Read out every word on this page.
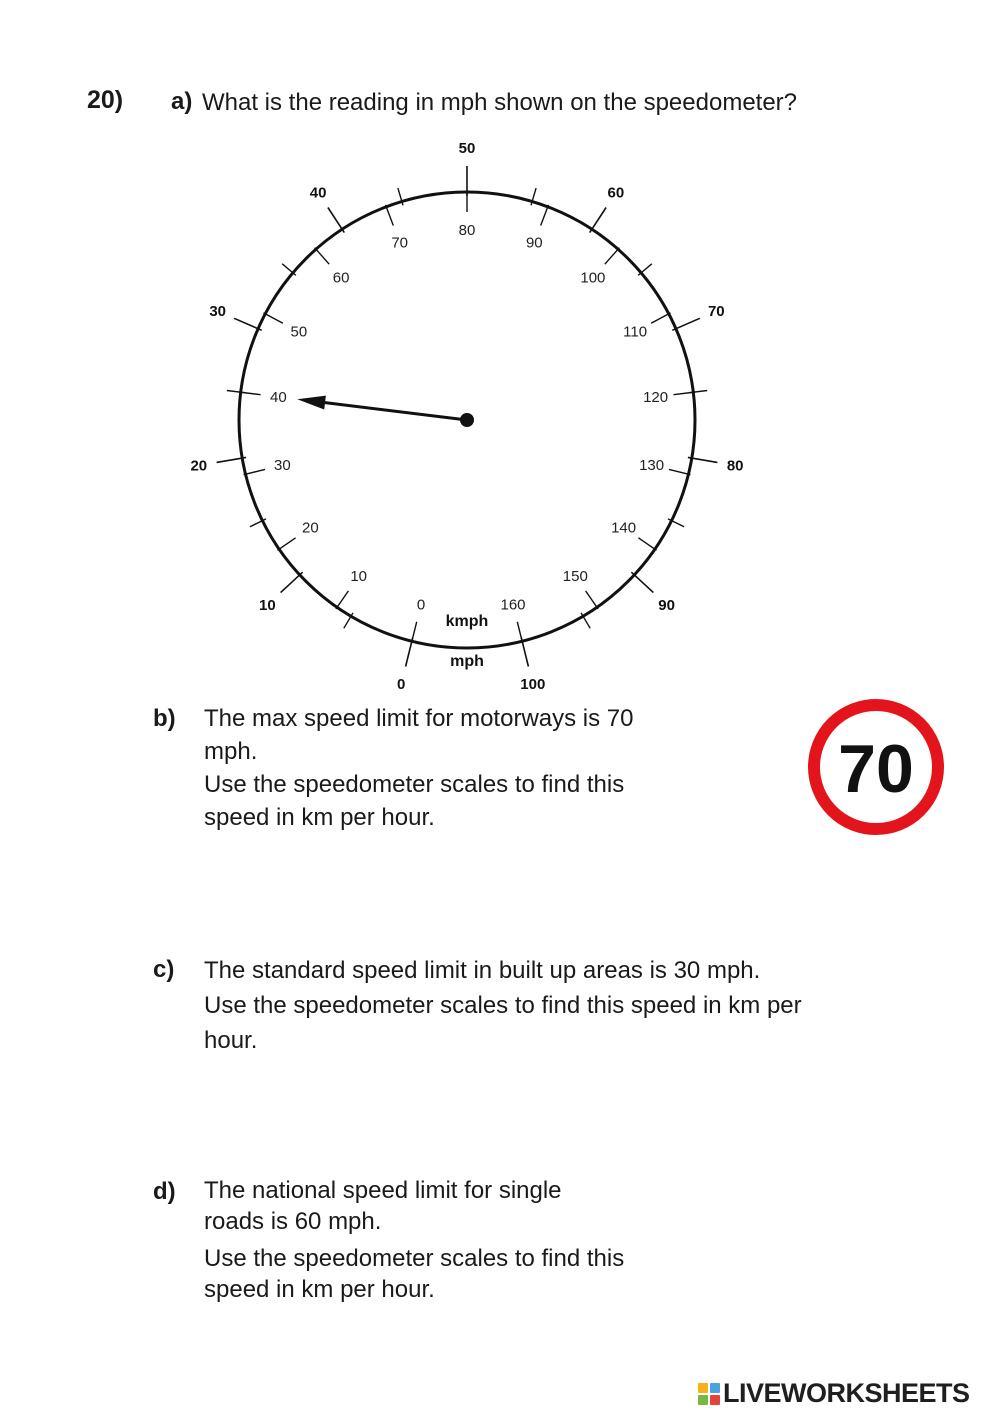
20) a) What is the reading in mph shown on the speedometer?
0
10
20
30
40
50
60
70
80
90
100
0
10
20
30
40
50
60
70
80
90
100
110
120
130
140
150
160
kmph
mph
b) The max speed limit for motorways is 70
mph.
Use the speedometer scales to find this
speed in km per hour.
70
c) The standard speed limit in built up areas is 30 mph.
Use the speedometer scales to find this speed in km per
hour.
d) The national speed limit for single
roads is 60 mph.
Use the speedometer scales to find this
speed in km per hour.
LIVEWORKSHEETS
